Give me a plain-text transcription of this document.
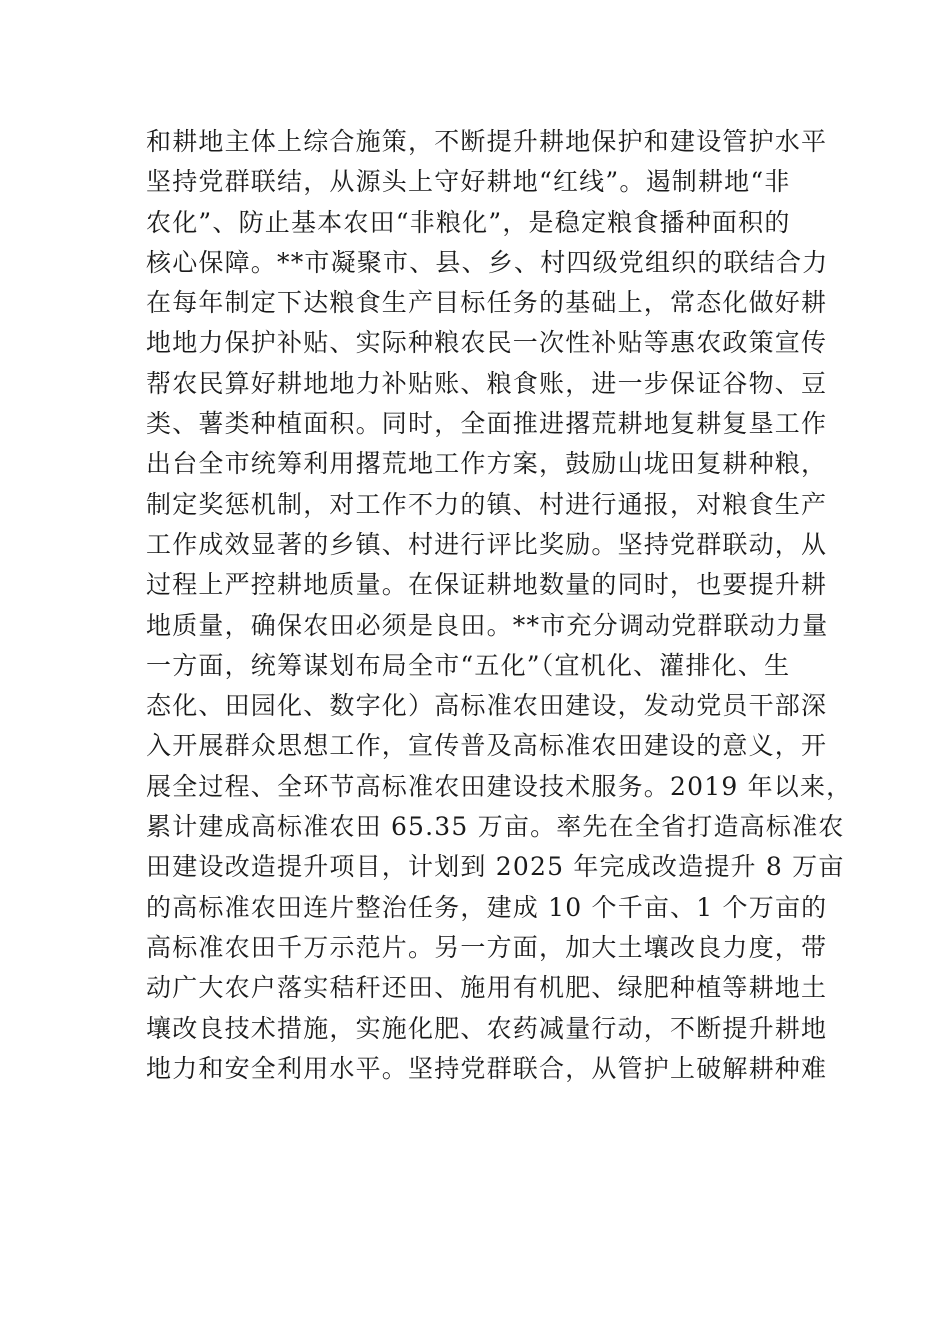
和耕地主体上综合施策，不断提升耕地保护和建设管护水平
坚持党群联结，从源头上守好耕地“红线”。遏制耕地“非
农化”、防止基本农田“非粮化”，是稳定粮食播种面积的
核心保障。**市凝聚市、县、乡、村四级党组织的联结合力
在每年制定下达粮食生产目标任务的基础上，常态化做好耕
地地力保护补贴、实际种粮农民一次性补贴等惠农政策宣传
帮农民算好耕地地力补贴账、粮食账，进一步保证谷物、豆
类、薯类种植面积。同时，全面推进撂荒耕地复耕复垦工作
出台全市统筹利用撂荒地工作方案，鼓励山垅田复耕种粮，
制定奖惩机制，对工作不力的镇、村进行通报，对粮食生产
工作成效显著的乡镇、村进行评比奖励。坚持党群联动，从
过程上严控耕地质量。在保证耕地数量的同时，也要提升耕
地质量，确保农田必须是良田。**市充分调动党群联动力量
一方面，统筹谋划布局全市“五化”（宜机化、灌排化、生
态化、田园化、数字化）高标准农田建设，发动党员干部深
入开展群众思想工作，宣传普及高标准农田建设的意义，开
展全过程、全环节高标准农田建设技术服务。2019 年以来，
累计建成高标准农田 65.35 万亩。率先在全省打造高标准农
田建设改造提升项目，计划到 2025 年完成改造提升 8 万亩
的高标准农田连片整治任务，建成 10 个千亩、1 个万亩的
高标准农田千万示范片。另一方面，加大土壤改良力度，带
动广大农户落实秸秆还田、施用有机肥、绿肥种植等耕地土
壤改良技术措施，实施化肥、农药减量行动，不断提升耕地
地力和安全利用水平。坚持党群联合，从管护上破解耕种难
